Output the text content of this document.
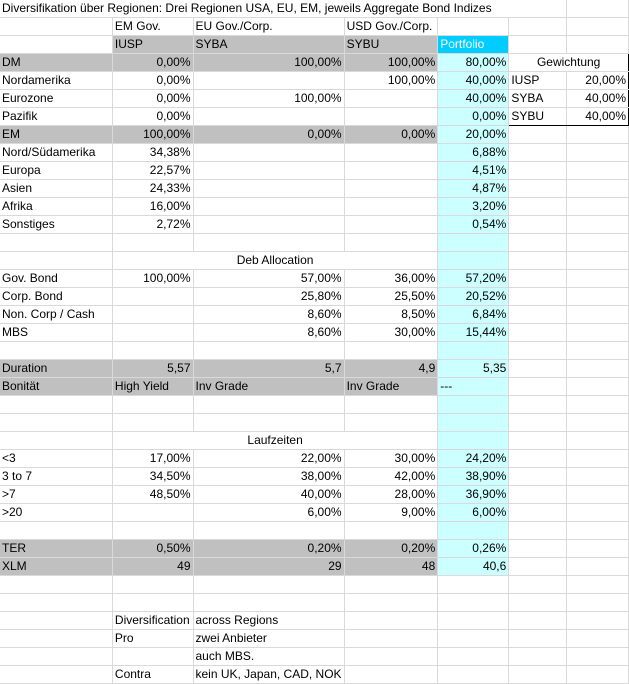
Diversifikation über Regionen: Drei Regionen USA, EU, EM, jeweils Aggregate Bond Indizes						
	EM Gov.	EU Gov./Corp.	USD Gov./Corp.			
	IUSP	SYBA	SYBU	Portfolio		
DM	0,00%	100,00%	100,00%	80,00%	Gewichtung	
Nordamerika	0,00%		100,00%	40,00%	IUSP	20,00%
Eurozone	0,00%	100,00%		40,00%	SYBA	40,00%
Pazifik	0,00%			0,00%	SYBU	40,00%
EM	100,00%	0,00%	0,00%	20,00%		
Nord/Südamerika	34,38%			6,88%		
Europa	22,57%			4,51%		
Asien	24,33%			4,87%		
Afrika	16,00%			3,20%		
Sonstiges	2,72%			0,54%		

	Deb Allocation					
Gov. Bond	100,00%	57,00%	36,00%	57,20%		
Corp. Bond		25,80%	25,50%	20,52%		
Non. Corp / Cash		8,60%	8,50%	6,84%		
MBS		8,60%	30,00%	15,44%		

Duration	5,57	5,7	4,9	5,35		
Bonität	High Yield	Inv Grade	Inv Grade	---		

	Laufzeiten					
<3	17,00%	22,00%	30,00%	24,20%		
3 to 7	34,50%	38,00%	42,00%	38,90%		
>7	48,50%	40,00%	28,00%	36,90%		
>20		6,00%	9,00%	6,00%		

TER	0,50%	0,20%	0,20%	0,26%		
XLM	49	29	48	40,6		

	Diversification	across Regions				
	Pro	zwei Anbieter				
		auch MBS.				
	Contra	kein UK, Japan, CAD, NOK				
